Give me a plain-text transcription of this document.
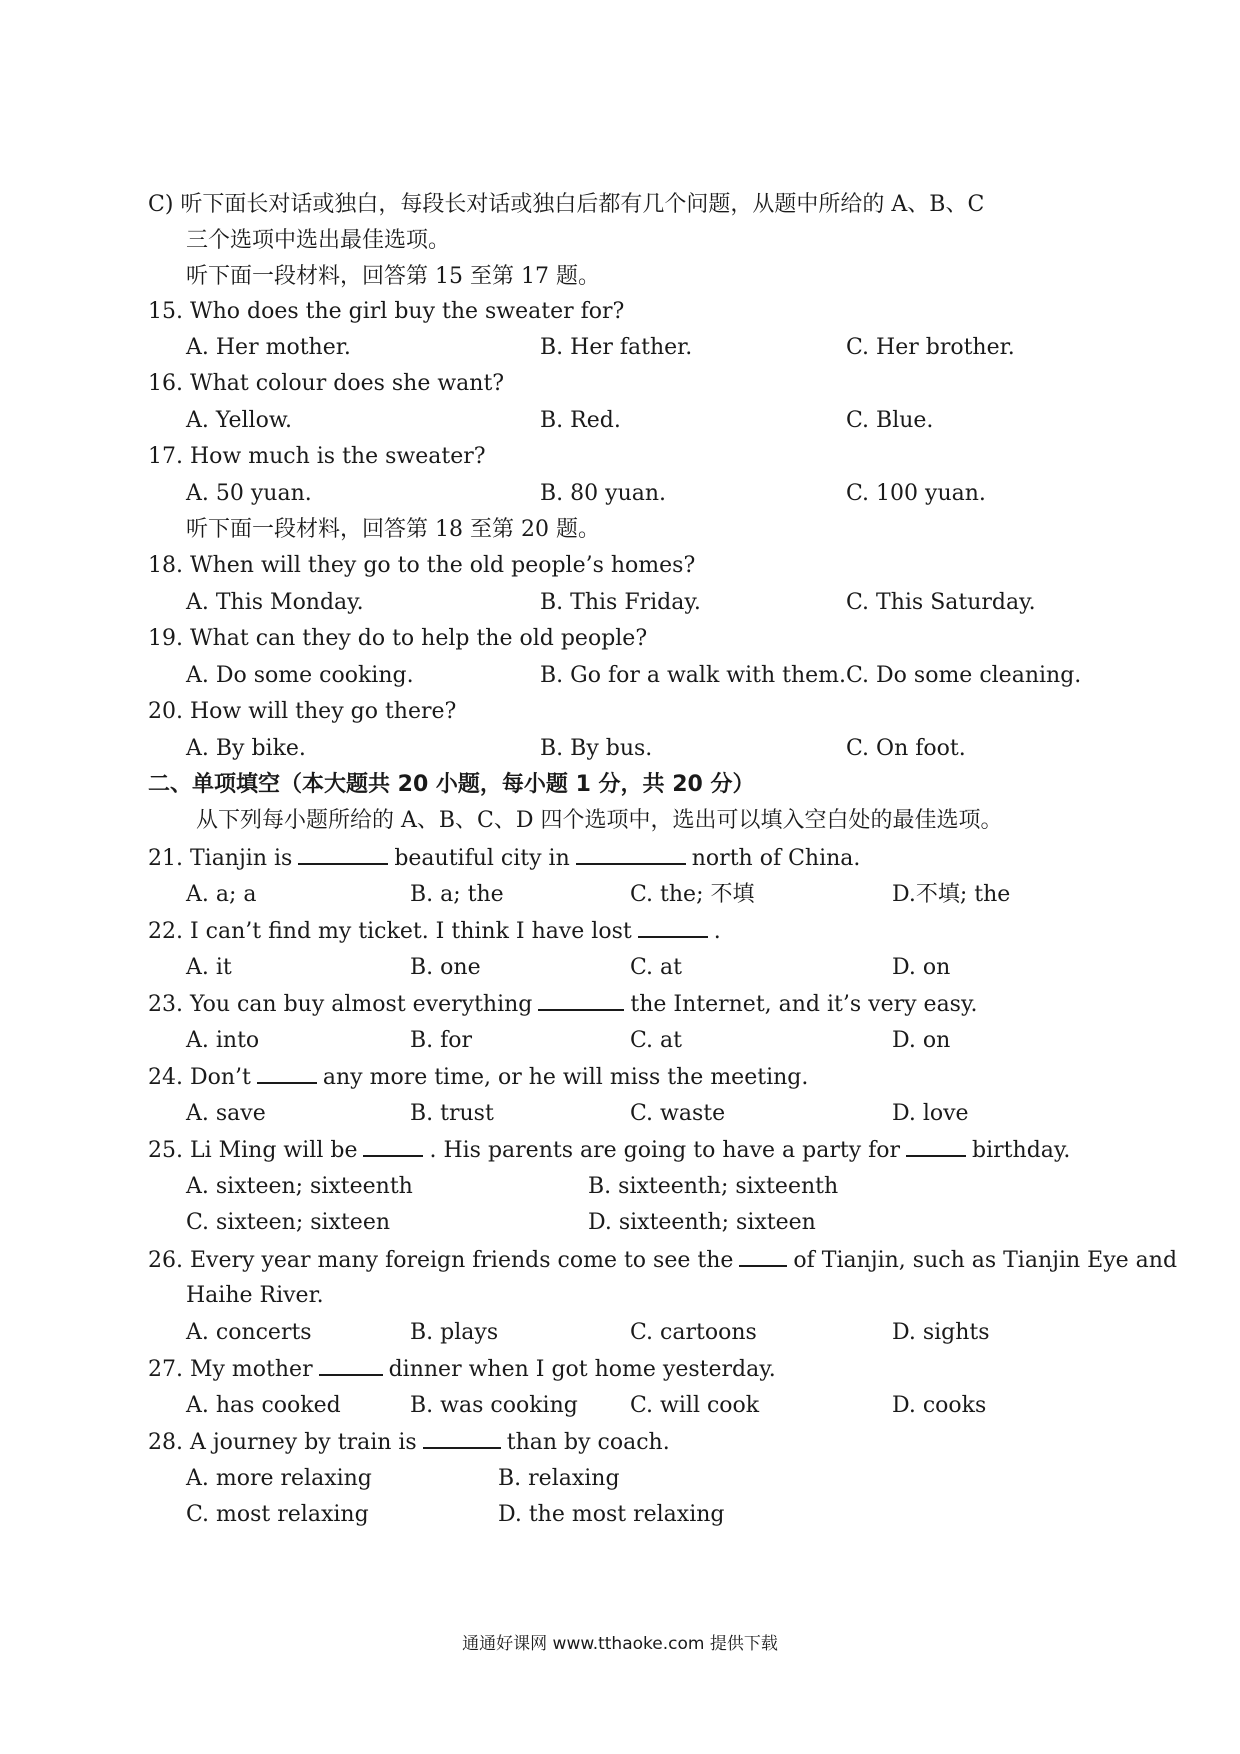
C) 听下面长对话或独白，每段长对话或独白后都有几个问题，从题中所给的 A、B、C
三个选项中选出最佳选项。
听下面一段材料，回答第 15 至第 17 题。
15. Who does the girl buy the sweater for?
A. Her mother.	B. Her father.	C. Her brother.
16. What colour does she want?
A. Yellow.	B. Red.	C. Blue.
17. How much is the sweater?
A. 50 yuan.	B. 80 yuan.	C. 100 yuan.
听下面一段材料，回答第 18 至第 20 题。
18. When will they go to the old people’s homes?
A. This Monday.	B. This Friday.	C. This Saturday.
19. What can they do to help the old people?
A. Do some cooking.	B. Go for a walk with them. C. Do some cleaning.
20. How will they go there?
A. By bike.	B. By bus.	C. On foot.
二、单项填空（本大题共 20 小题，每小题 1 分，共 20 分）
从下列每小题所给的 A、B、C、D 四个选项中，选出可以填入空白处的最佳选项。
21. Tianjin is	beautiful city in	north of China.
A. a; a	B. a; the	C. the; 不填	D.不填; the
22. I can’t find my ticket. I think I have lost	.
A. it	B. one	C. at	D. on
23. You can buy almost everything	the Internet, and it’s very easy.
A. into	B. for	C. at	D. on
24. Don’t	any more time, or he will miss the meeting.
A. save	B. trust	C. waste	D. love
25. Li Ming will be	. His parents are going to have a party for	birthday.
A. sixteen; sixteenth	B. sixteenth; sixteenth
C. sixteen; sixteen	D. sixteenth; sixteen
26. Every year many foreign friends come to see the	of Tianjin, such as Tianjin Eye and
Haihe River.
A. concerts	B. plays	C. cartoons	D. sights
27. My mother	dinner when I got home yesterday.
A. has cooked	B. was cooking C. will cook	D. cooks
28. A journey by train is	than by coach.
A. more relaxing	B. relaxing
C. most relaxing	D. the most relaxing
通通好课网 www.tthaoke.com 提供下载
